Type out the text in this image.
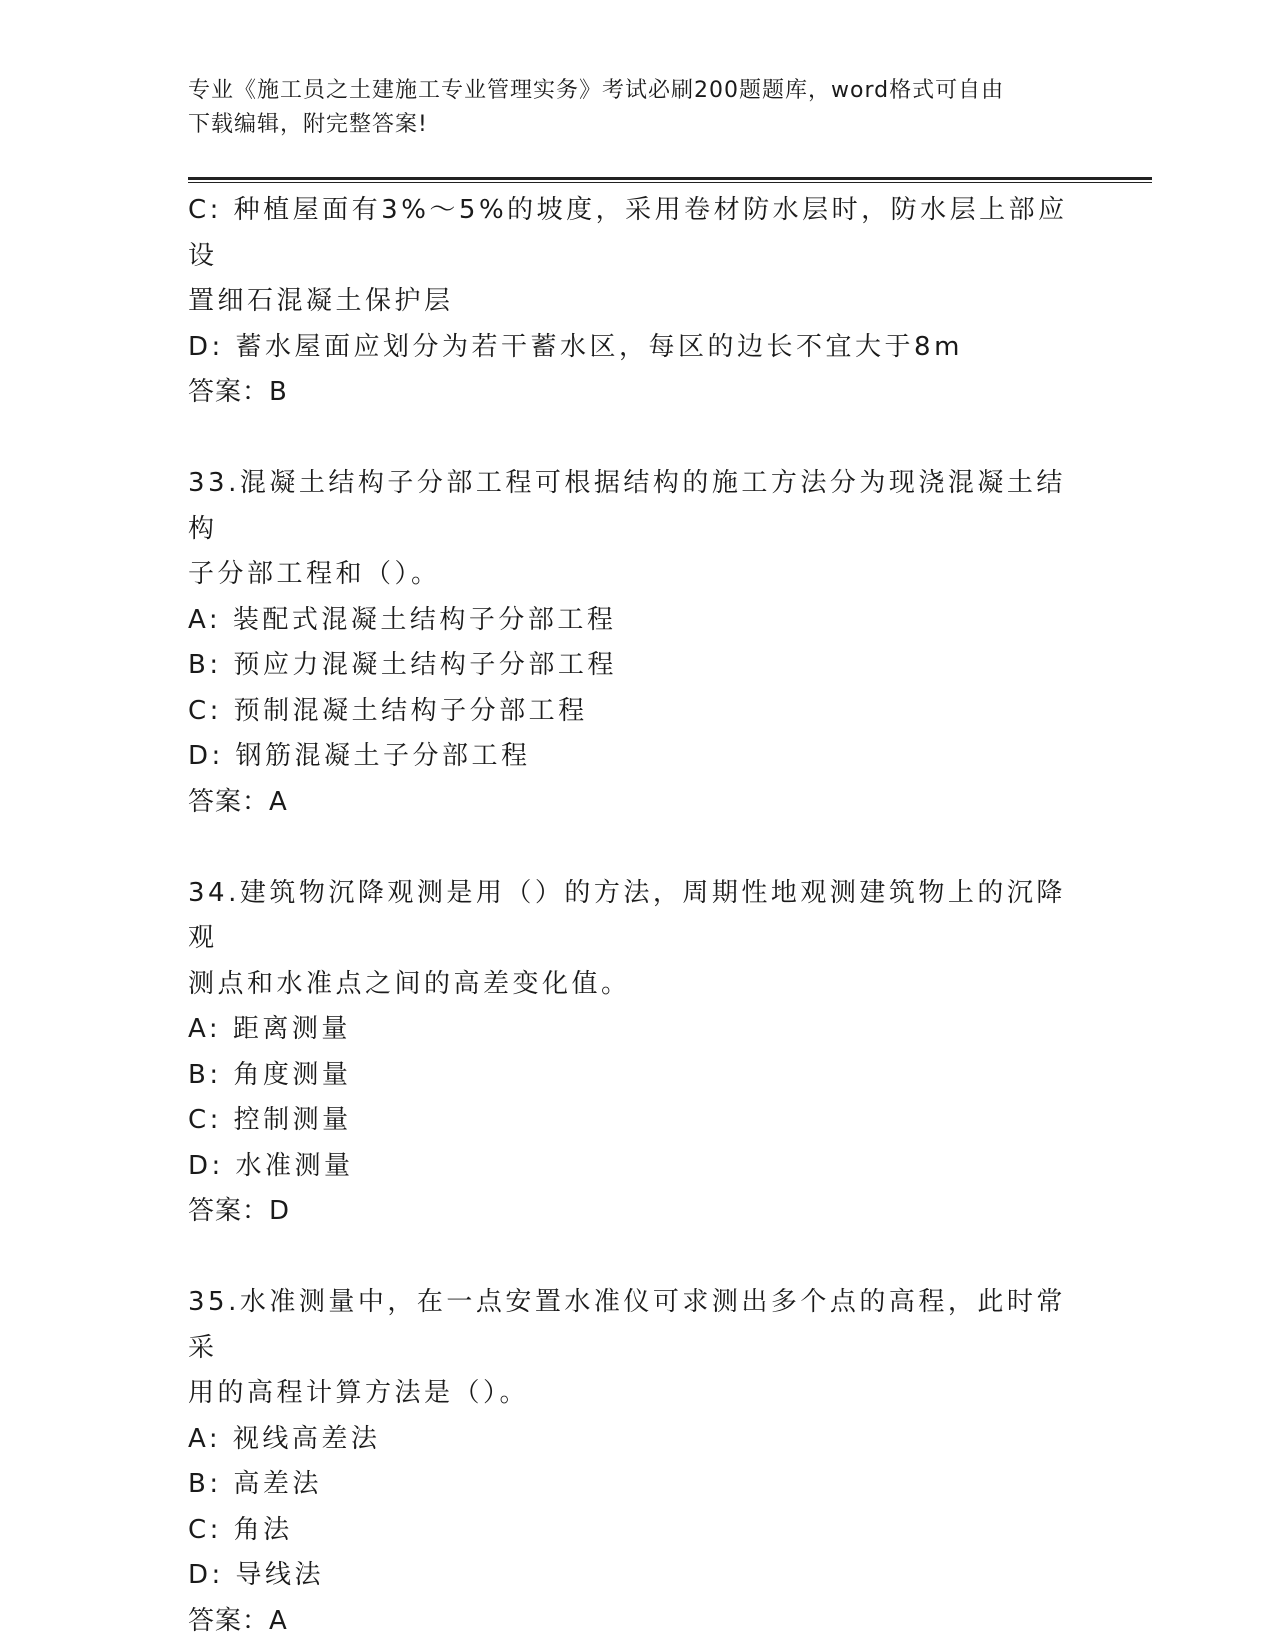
专业《施工员之土建施工专业管理实务》考试必刷200题题库，word格式可自由
下载编辑，附完整答案!
C: 种植屋面有3%～5%的坡度，采用卷材防水层时，防水层上部应设
置细石混凝土保护层
D: 蓄水屋面应划分为若干蓄水区，每区的边长不宜大于8m
答案：B
33.混凝土结构子分部工程可根据结构的施工方法分为现浇混凝土结构
子分部工程和（）。
A: 装配式混凝土结构子分部工程
B: 预应力混凝土结构子分部工程
C: 预制混凝土结构子分部工程
D: 钢筋混凝土子分部工程
答案：A
34.建筑物沉降观测是用（）的方法，周期性地观测建筑物上的沉降观
测点和水准点之间的高差变化值。
A: 距离测量
B: 角度测量
C: 控制测量
D: 水准测量
答案：D
35.水准测量中，在一点安置水准仪可求测出多个点的高程，此时常采
用的高程计算方法是（）。
A: 视线高差法
B: 高差法
C: 角法
D: 导线法
答案：A
